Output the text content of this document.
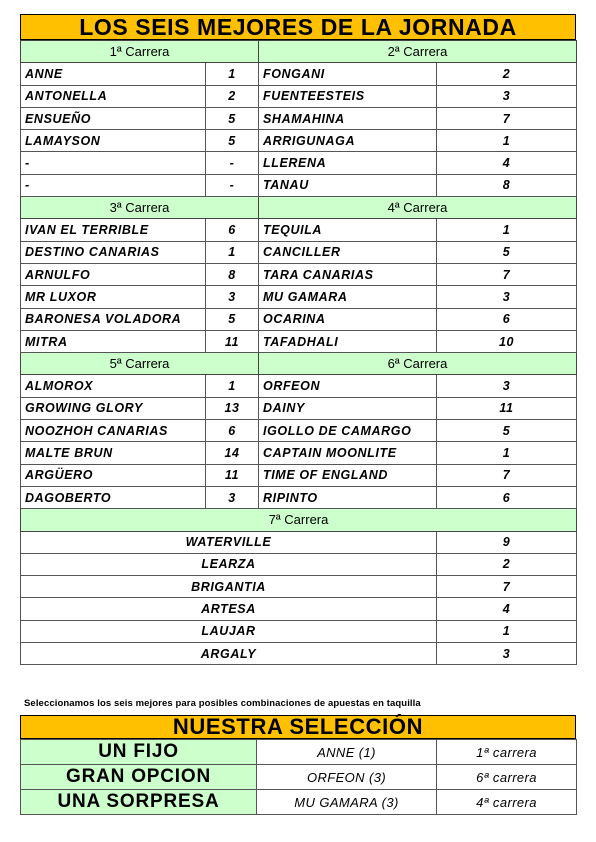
LOS SEIS MEJORES DE LA JORNADA
1ª Carrera		2ª Carrera	
ANNE	1	FONGANI	2
ANTONELLA	2	FUENTEESTEIS	3
ENSUEÑO	5	SHAMAHINA	7
LAMAYSON	5	ARRIGUNAGA	1
-	-	LLERENA	4
-	-	TANAU	8
3ª Carrera		4ª Carrera	
IVAN EL TERRIBLE	6	TEQUILA	1
DESTINO CANARIAS	1	CANCILLER	5
ARNULFO	8	TARA CANARIAS	7
MR LUXOR	3	MU GAMARA	3
BARONESA VOLADORA	5	OCARINA	6
MITRA	11	TAFADHALI	10
5ª Carrera		6ª Carrera	
ALMOROX	1	ORFEON	3
GROWING GLORY	13	DAINY	11
NOOZHOH CANARIAS	6	IGOLLO DE CAMARGO	5
MALTE BRUN	14	CAPTAIN MOONLITE	1
ARGÜERO	11	TIME OF ENGLAND	7
DAGOBERTO	3	RIPINTO	6
7ª Carrera			
WATERVILLE			9
LEARZA			2
BRIGANTIA			7
ARTESA			4
LAUJAR			1
ARGALY			3
Seleccionamos los seis mejores para posibles combinaciones de apuestas en taquilla
NUESTRA SELECCIÓN
UN FIJO	ANNE (1)	1ª carrera
GRAN OPCION	ORFEON (3)	6ª carrera
UNA SORPRESA	MU GAMARA (3)	4ª carrera
